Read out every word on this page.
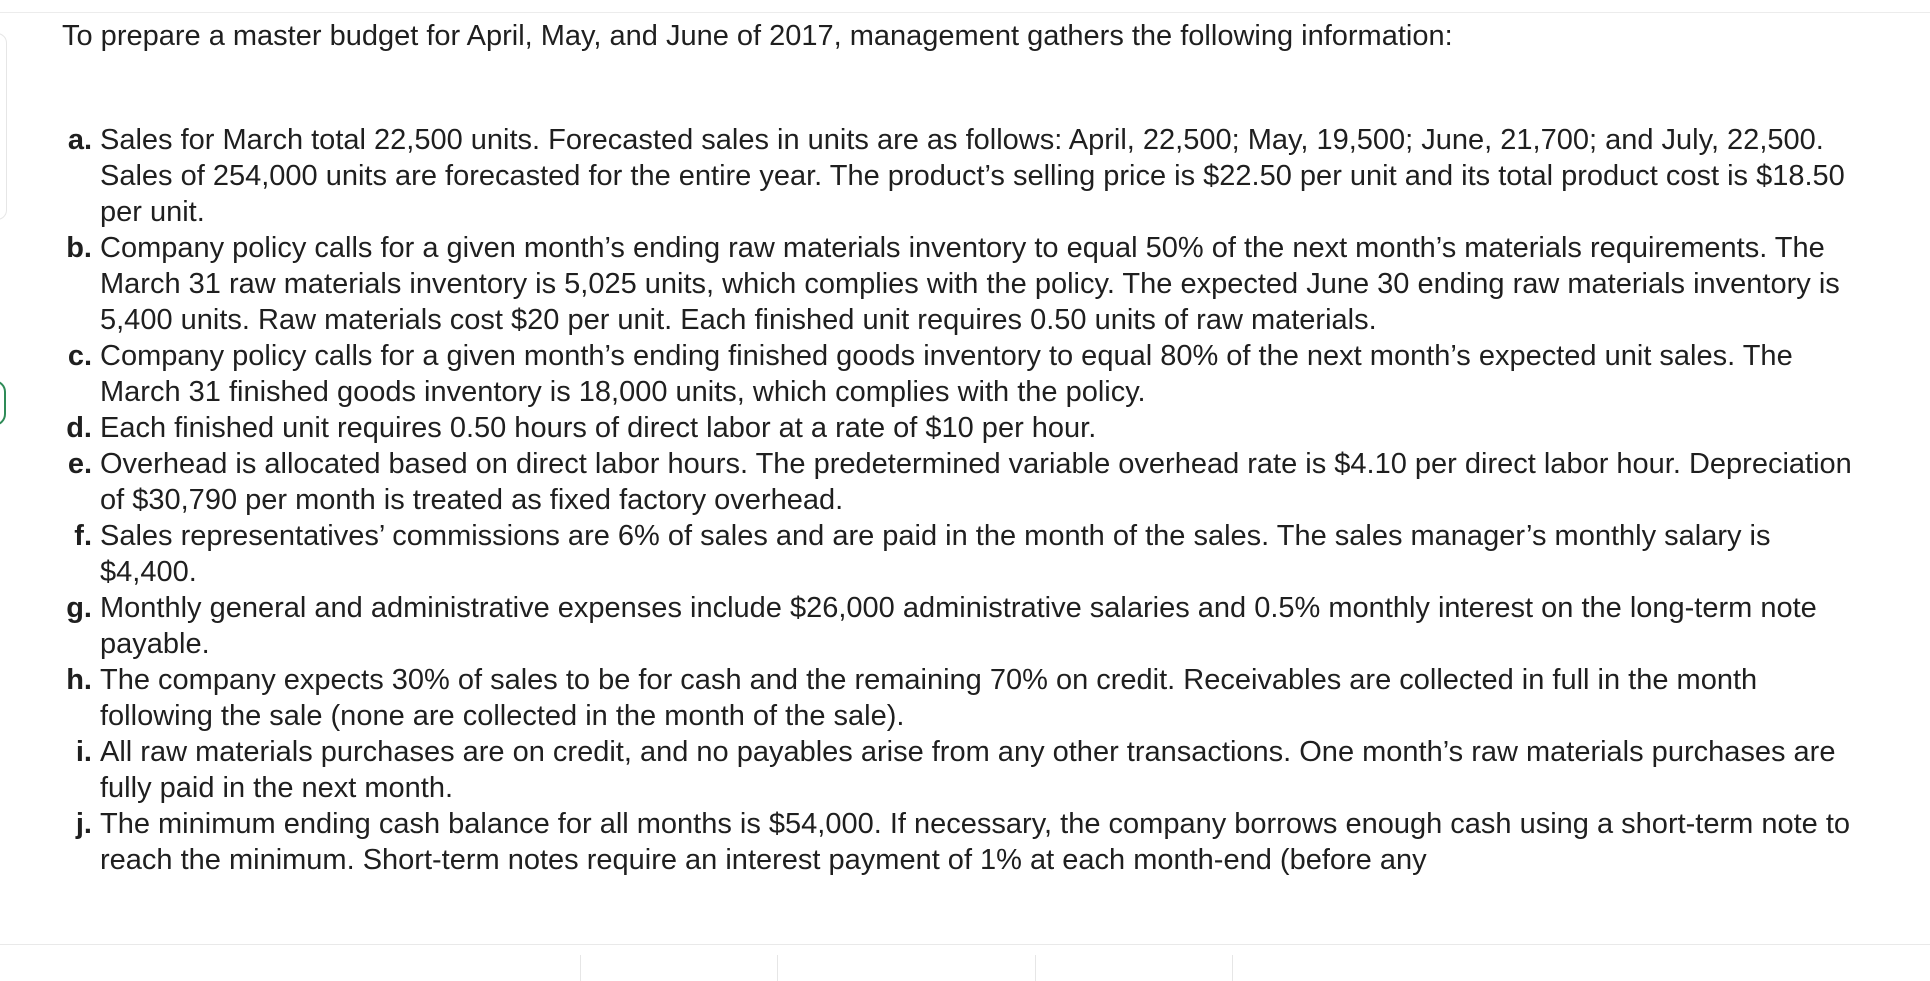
To prepare a master budget for April, May, and June of 2017, management gathers the following information:

a. Sales for March total 22,500 units. Forecasted sales in units are as follows: April, 22,500; May, 19,500; June, 21,700; and July, 22,500. Sales of 254,000 units are forecasted for the entire year. The product’s selling price is $22.50 per unit and its total product cost is $18.50 per unit.
b. Company policy calls for a given month’s ending raw materials inventory to equal 50% of the next month’s materials requirements. The March 31 raw materials inventory is 5,025 units, which complies with the policy. The expected June 30 ending raw materials inventory is 5,400 units. Raw materials cost $20 per unit. Each finished unit requires 0.50 units of raw materials.
c. Company policy calls for a given month’s ending finished goods inventory to equal 80% of the next month’s expected unit sales. The March 31 finished goods inventory is 18,000 units, which complies with the policy.
d. Each finished unit requires 0.50 hours of direct labor at a rate of $10 per hour.
e. Overhead is allocated based on direct labor hours. The predetermined variable overhead rate is $4.10 per direct labor hour. Depreciation of $30,790 per month is treated as fixed factory overhead.
f. Sales representatives’ commissions are 6% of sales and are paid in the month of the sales. The sales manager’s monthly salary is $4,400.
g. Monthly general and administrative expenses include $26,000 administrative salaries and 0.5% monthly interest on the long-term note payable.
h. The company expects 30% of sales to be for cash and the remaining 70% on credit. Receivables are collected in full in the month following the sale (none are collected in the month of the sale).
i. All raw materials purchases are on credit, and no payables arise from any other transactions. One month’s raw materials purchases are fully paid in the next month.
j. The minimum ending cash balance for all months is $54,000. If necessary, the company borrows enough cash using a short-term note to reach the minimum. Short-term notes require an interest payment of 1% at each month-end (before any
